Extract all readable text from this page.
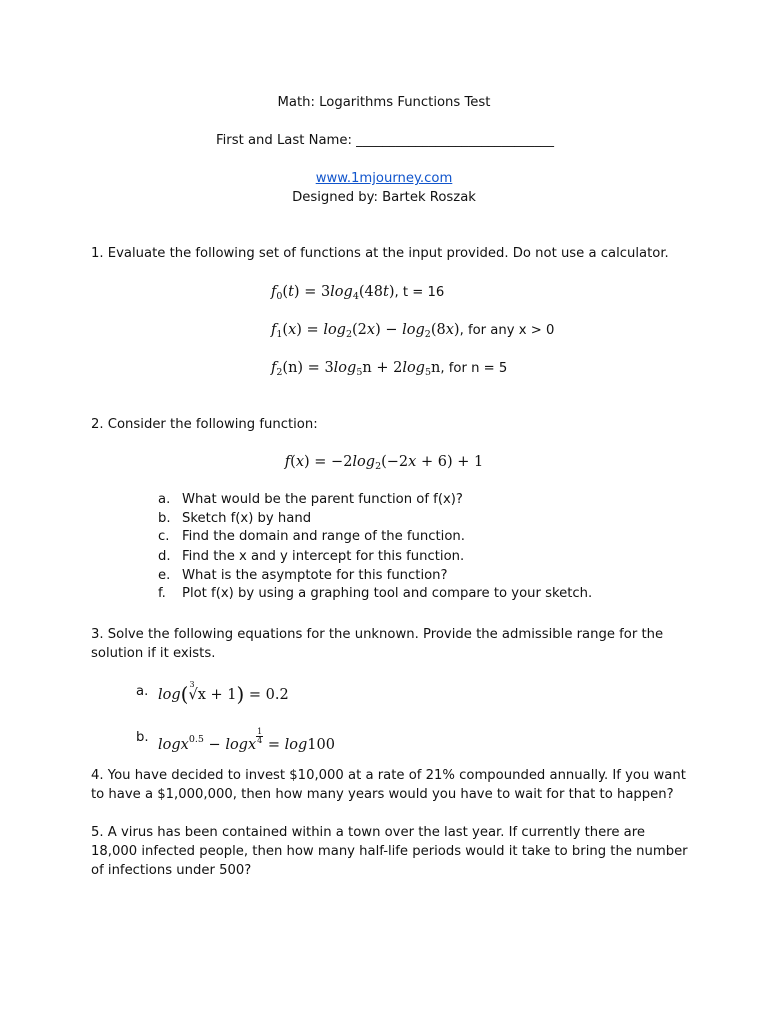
Math: Logarithms Functions Test
First and Last Name: ______________________________
www.1mjourney.com
Designed by: Bartek Roszak
1. Evaluate the following set of functions at the input provided. Do not use a calculator.
$f_0(t) = 3\log_4(48t)$, t = 16
$f_1(x) = \log_2(2x) - \log_2(8x)$, for any x > 0
$f_2(n) = 3\log_5n + 2\log_5n$, for n = 5
2. Consider the following function:
$f(x) = -2\log_2(-2x + 6) + 1$
a. What would be the parent function of f(x)?
b. Sketch f(x) by hand
c. Find the domain and range of the function.
d. Find the x and y intercept for this function.
e. What is the asymptote for this function?
f. Plot f(x) by using a graphing tool and compare to your sketch.
3. Solve the following equations for the unknown. Provide the admissible range for the solution if it exists.
a. log( 3
√x + 1) = 0.2
b. logx$^{0.5}$ − logx $\frac{1}{4} = \log 100$
4. You have decided to invest $10,000 at a rate of 21% compounded annually. If you want to have a $1,000,000, then how many years would you have to wait for that to happen?
5. A virus has been contained within a town over the last year. If currently there are 18,000 infected people, then how many half-life periods would it take to bring the number of infections under 500?
